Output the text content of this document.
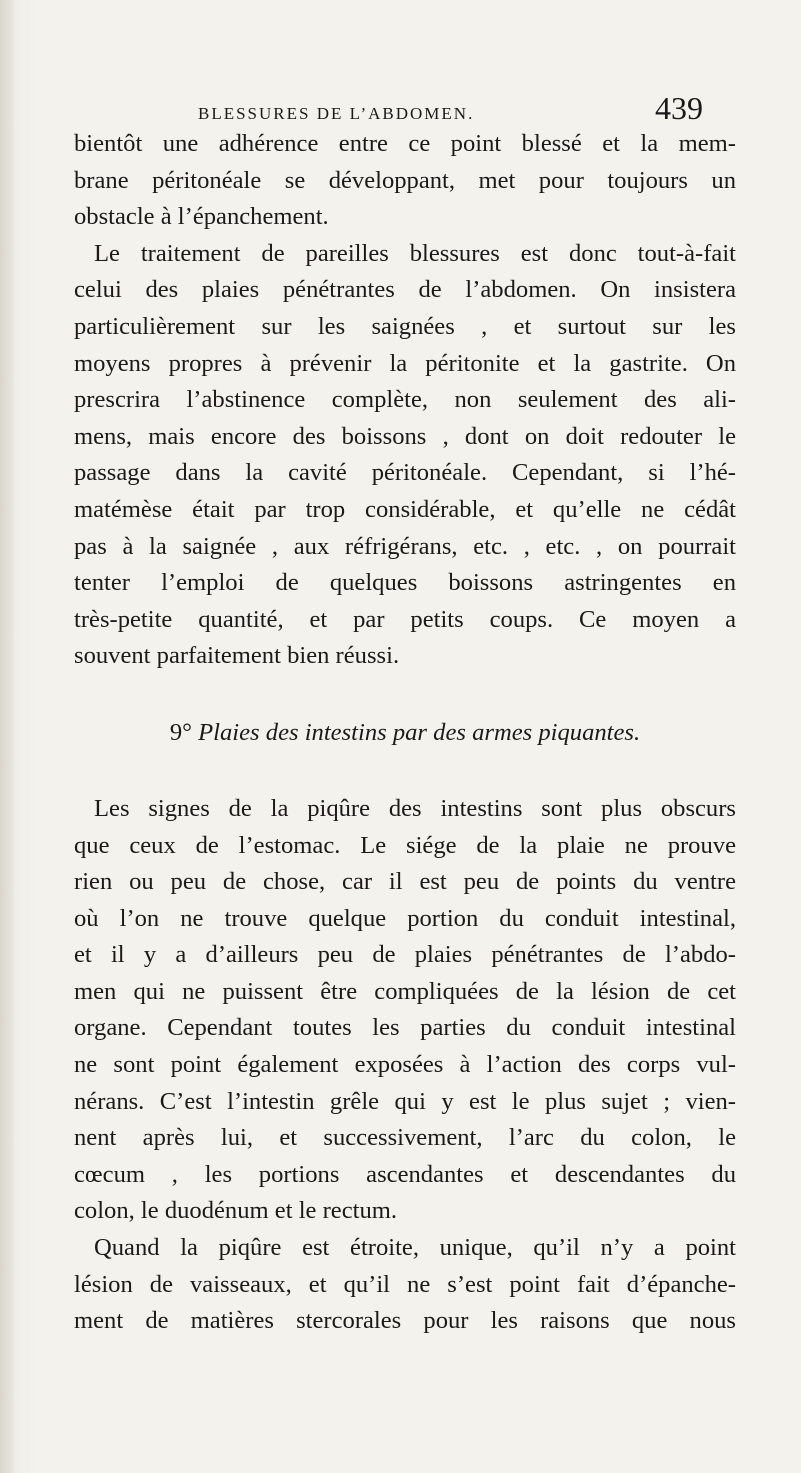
BLESSURES DE L’ABDOMEN.	439

bientôt une adhérence entre ce point blessé et la mem-
brane péritonéale se développant, met pour toujours un
obstacle à l’épanchement.

Le traitement de pareilles blessures est donc tout-à-fait
celui des plaies pénétrantes de l’abdomen. On insistera
particulièrement sur les saignées , et surtout sur les
moyens propres à prévenir la péritonite et la gastrite. On
prescrira l’abstinence complète, non seulement des ali-
mens, mais encore des boissons , dont on doit redouter le
passage dans la cavité péritonéale. Cependant, si l’hé-
matémèse était par trop considérable, et qu’elle ne cédât
pas à la saignée , aux réfrigérans, etc. , etc. , on pourrait
tenter l’emploi de quelques boissons astringentes en
très-petite quantité, et par petits coups. Ce moyen a
souvent parfaitement bien réussi.

9° Plaies des intestins par des armes piquantes.

Les signes de la piqûre des intestins sont plus obscurs
que ceux de l’estomac. Le siége de la plaie ne prouve
rien ou peu de chose, car il est peu de points du ventre
où l’on ne trouve quelque portion du conduit intestinal,
et il y a d’ailleurs peu de plaies pénétrantes de l’abdo-
men qui ne puissent être compliquées de la lésion de cet
organe. Cependant toutes les parties du conduit intestinal
ne sont point également exposées à l’action des corps vul-
nérans. C’est l’intestin grêle qui y est le plus sujet ; vien-
nent après lui, et successivement, l’arc du colon, le
cœcum , les portions ascendantes et descendantes du
colon, le duodénum et le rectum.

Quand la piqûre est étroite, unique, qu’il n’y a point
lésion de vaisseaux, et qu’il ne s’est point fait d’épanche-
ment de matières stercorales pour les raisons que nous
